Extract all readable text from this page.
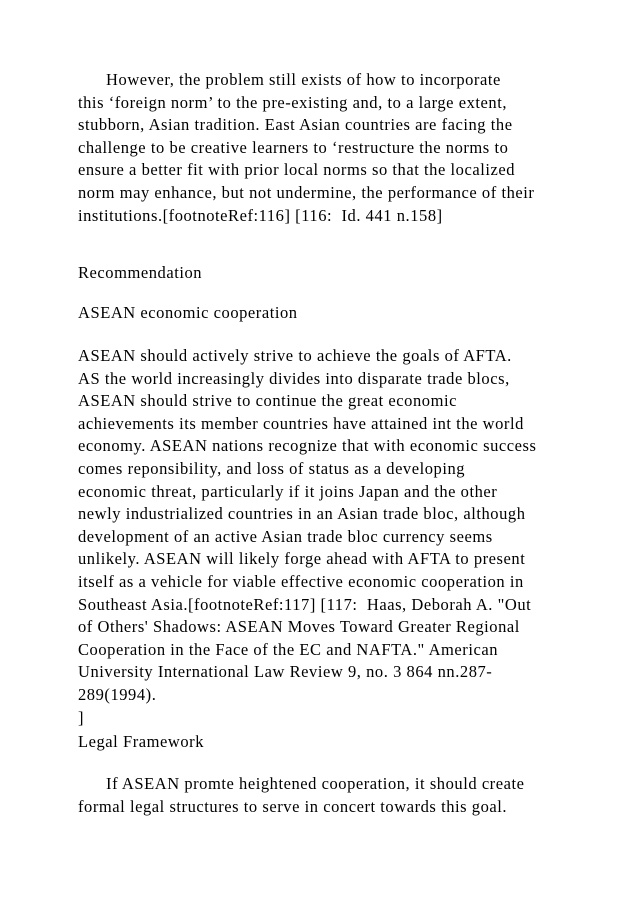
However, the problem still exists of how to incorporate
this ‘foreign norm’ to the pre-existing and, to a large extent,
stubborn, Asian tradition. East Asian countries are facing the
challenge to be creative learners to ‘restructure the norms to
ensure a better fit with prior local norms so that the localized
norm may enhance, but not undermine, the performance of their
institutions.[footnoteRef:116] [116:  Id. 441 n.158]

Recommendation

ASEAN economic cooperation

ASEAN should actively strive to achieve the goals of AFTA.
AS the world increasingly divides into disparate trade blocs,
ASEAN should strive to continue the great economic
achievements its member countries have attained int the world
economy. ASEAN nations recognize that with economic success
comes reponsibility, and loss of status as a developing
economic threat, particularly if it joins Japan and the other
newly industrialized countries in an Asian trade bloc, although
development of an active Asian trade bloc currency seems
unlikely. ASEAN will likely forge ahead with AFTA to present
itself as a vehicle for viable effective economic cooperation in
Southeast Asia.[footnoteRef:117] [117:  Haas, Deborah A. "Out
of Others' Shadows: ASEAN Moves Toward Greater Regional
Cooperation in the Face of the EC and NAFTA." American
University International Law Review 9, no. 3 864 nn.287-
289(1994).
]

Legal Framework

If ASEAN promte heightened cooperation, it should create
formal legal structures to serve in concert towards this goal.
